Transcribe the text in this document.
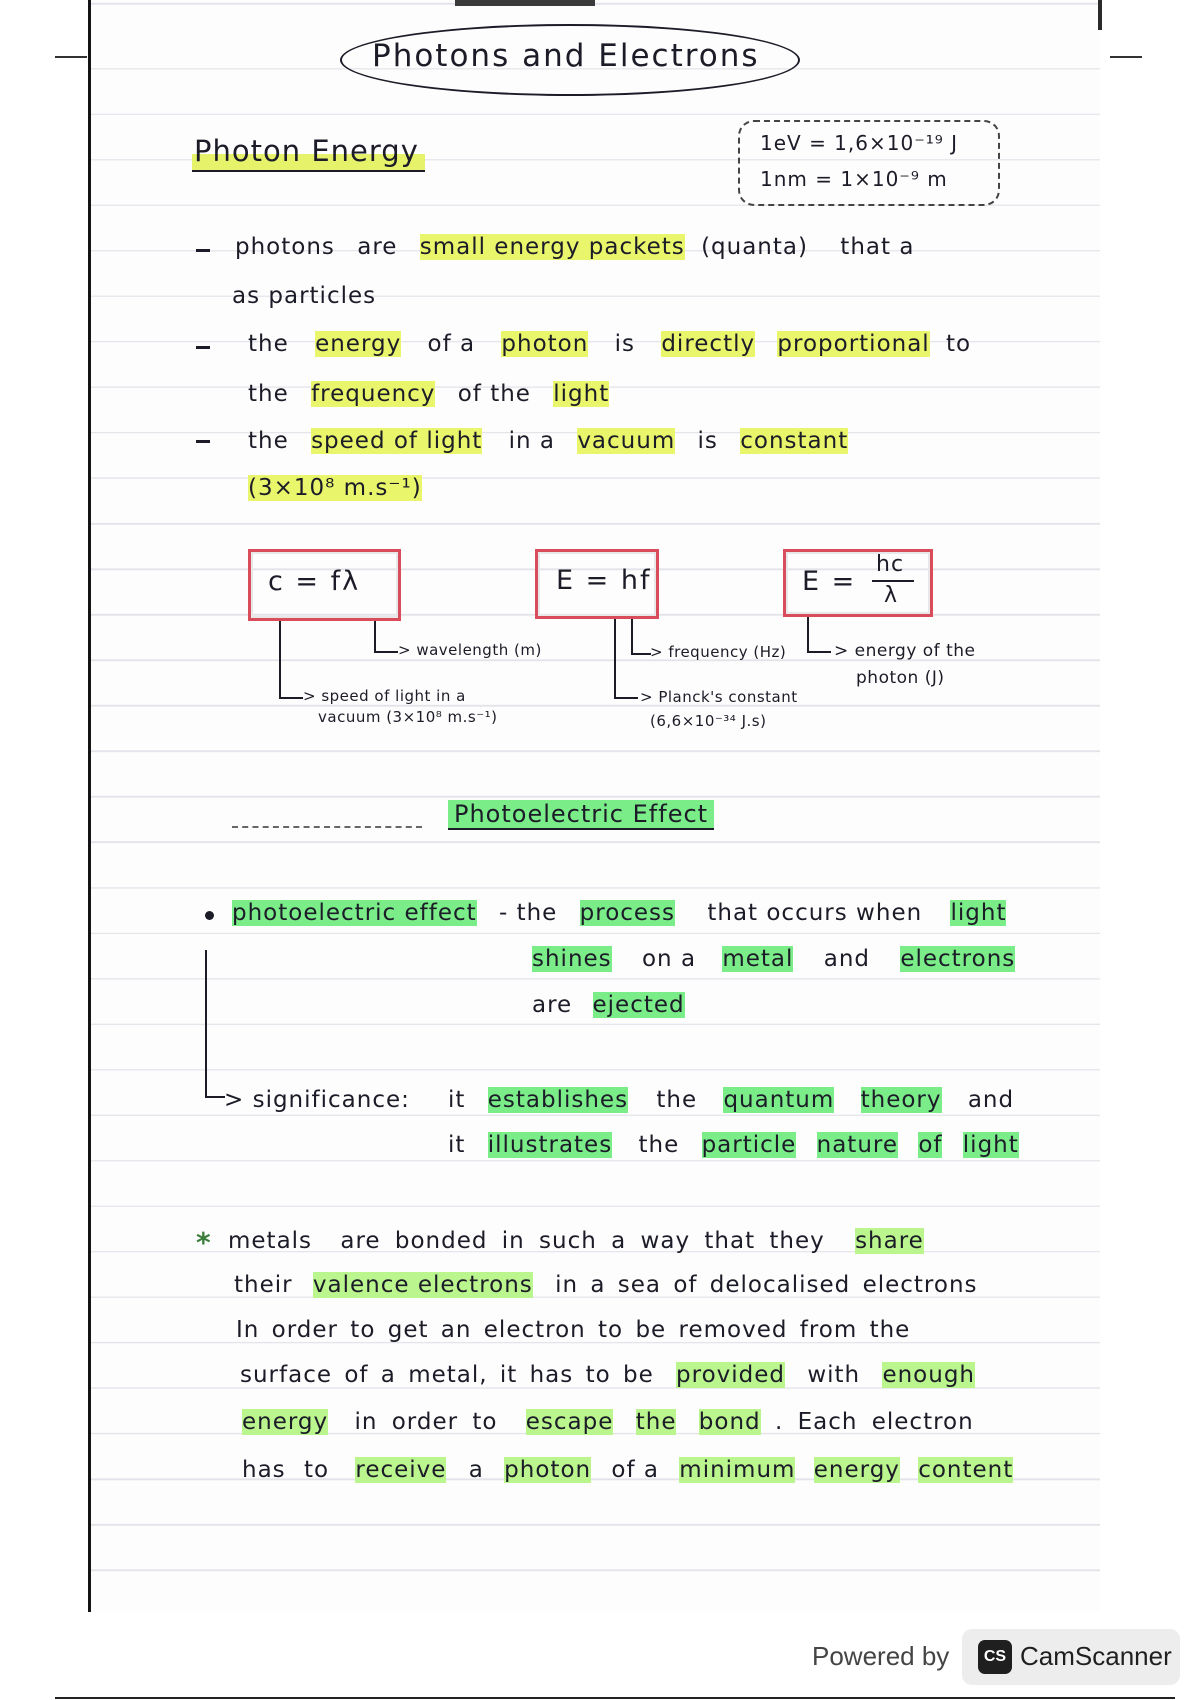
Photons and Electrons
Photon Energy	1eV = 1,6×10⁻¹⁹ J
1nm = 1×10⁻⁹ m
photons are small energy packets (quanta) that a
as particles
the energy of a photon is directly proportional to
the frequency of the light
the speed of light in a vacuum is constant
(3×10⁸ m.s⁻¹)
c = fλ
> wavelength (m)
> speed of light in a
vacuum (3×10⁸ m.s⁻¹)
E = hf
> frequency (Hz)
> Planck's constant
(6,6×10⁻³⁴ J.s)
E =
hc
λ
> energy of the
photon (J)
Photoelectric Effect
photoelectric effect - the process that occurs when light
shines on a metal and electrons
are ejected
> significance: it establishes the quantum theory and
it illustrates the particle nature of light
* metals are bonded in such a way that they share
their valence electrons in a sea of delocalised electrons
In order to get an electron to be removed from the
surface of a metal, it has to be provided with enough
energy in order to escape the bond . Each electron
has to receive a photon of a minimum energy content
Powered by	CS CamScanner
